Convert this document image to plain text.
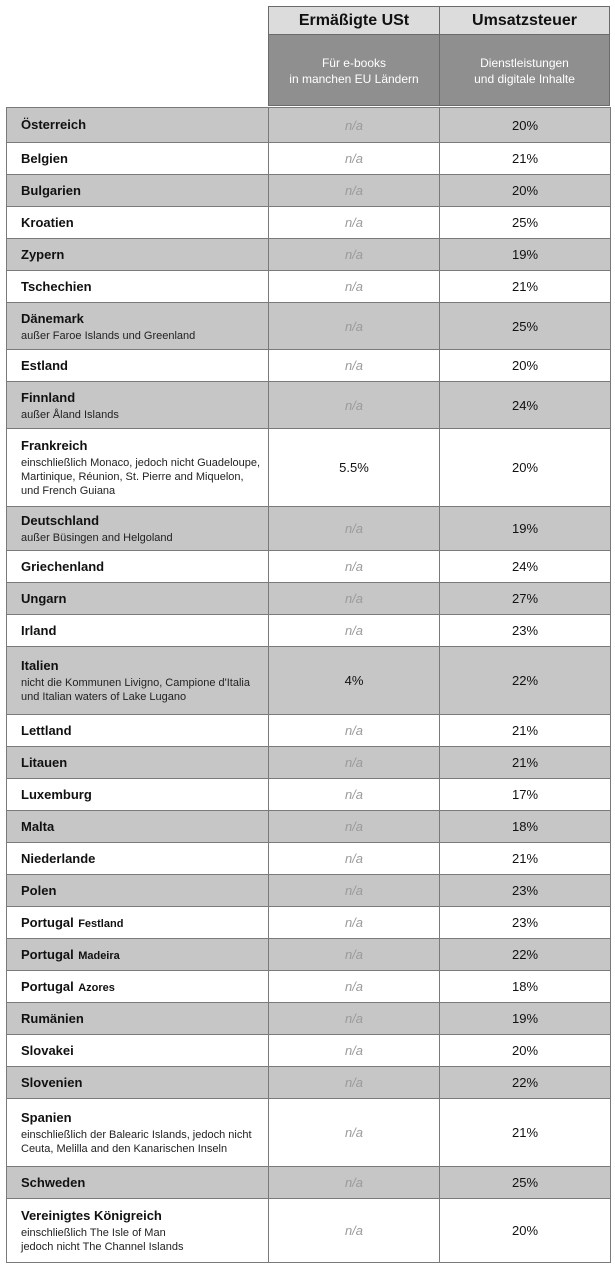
Ermäßigte USt
Für e-books
in manchen EU Ländern
Umsatzsteuer
Dienstleistungen
und digitale Inhalte
Österreich	n/a	20%
Belgien	n/a	21%
Bulgarien	n/a	20%
Kroatien	n/a	25%
Zypern	n/a	19%
Tschechien	n/a	21%
Dänemark
außer Faroe Islands und Greenland	n/a	25%
Estland	n/a	20%
Finnland
außer Åland Islands	n/a	24%
Frankreich
einschließlich Monaco, jedoch nicht Guadeloupe, Martinique, Réunion, St. Pierre and Miquelon, und French Guiana	5.5%	20%
Deutschland
außer Büsingen and Helgoland	n/a	19%
Griechenland	n/a	24%
Ungarn	n/a	27%
Irland	n/a	23%
Italien
nicht die Kommunen Livigno, Campione d'Italia und Italian waters of Lake Lugano	4%	22%
Lettland	n/a	21%
Litauen	n/a	21%
Luxemburg	n/a	17%
Malta	n/a	18%
Niederlande	n/a	21%
Polen	n/a	23%
Portugal Festland	n/a	23%
Portugal Madeira	n/a	22%
Portugal Azores	n/a	18%
Rumänien	n/a	19%
Slovakei	n/a	20%
Slovenien	n/a	22%
Spanien
einschließlich der Balearic Islands, jedoch nicht Ceuta, Melilla and den Kanarischen Inseln	n/a	21%
Schweden	n/a	25%
Vereinigtes Königreich
einschließlich The Isle of Man
jedoch nicht The Channel Islands	n/a	20%
